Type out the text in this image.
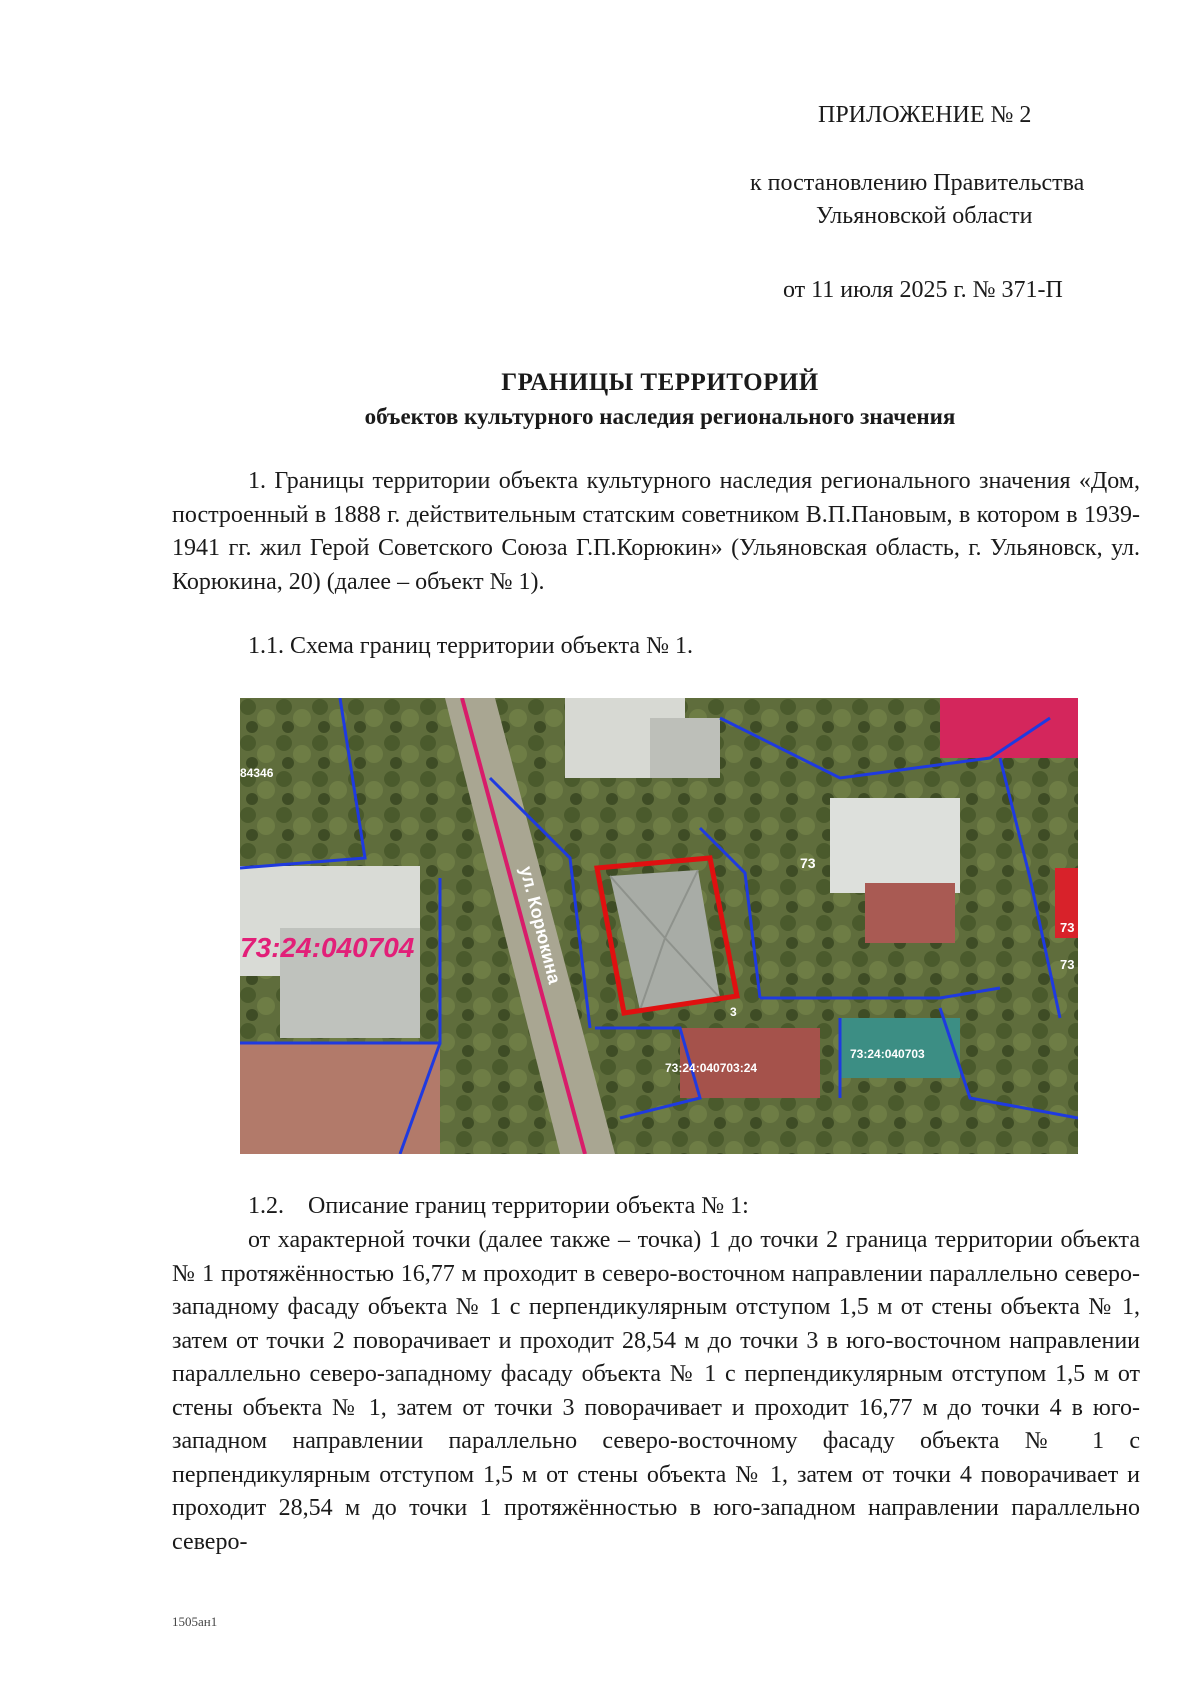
ПРИЛОЖЕНИЕ № 2
к постановлению Правительства
Ульяновской области
от 11 июля 2025 г. № 371-П
ГРАНИЦЫ ТЕРРИТОРИЙ
объектов культурного наследия регионального значения

1. Границы территории объекта культурного наследия регионального значения «Дом, построенный в 1888 г. действительным статским советником В.П.Пановым, в котором в 1939-1941 гг. жил Герой Советского Союза Г.П.Корюкин» (Ульяновская область, г. Ульяновск, ул. Корюкина, 20) (далее – объект № 1).

1.1. Схема границ территории объекта № 1.

84346
73:24:040704	ул. Корюкина
73:24:040703:24
73:24:040703
3
73
73
73

1.2.    Описание границ территории объекта № 1:

от характерной точки (далее также – точка) 1 до точки 2 граница территории объекта № 1 протяжённостью 16,77 м проходит в северо-восточном направлении параллельно северо-западному фасаду объекта № 1 с перпендикулярным отступом 1,5 м от стены объекта № 1, затем от точки 2 поворачивает и проходит 28,54 м до точки 3 в юго-восточном направлении параллельно северо-западному фасаду объекта № 1 с перпендикулярным отступом 1,5 м от стены объекта № 1, затем от точки 3 поворачивает и проходит 16,77 м до точки 4 в юго-западном направлении параллельно северо-восточному фасаду объекта № 1 с перпендикулярным отступом 1,5 м от стены объекта № 1, затем от точки 4 поворачивает и проходит 28,54 м до точки 1 протяжённостью в юго-западном направлении параллельно северо-

1505ан1
